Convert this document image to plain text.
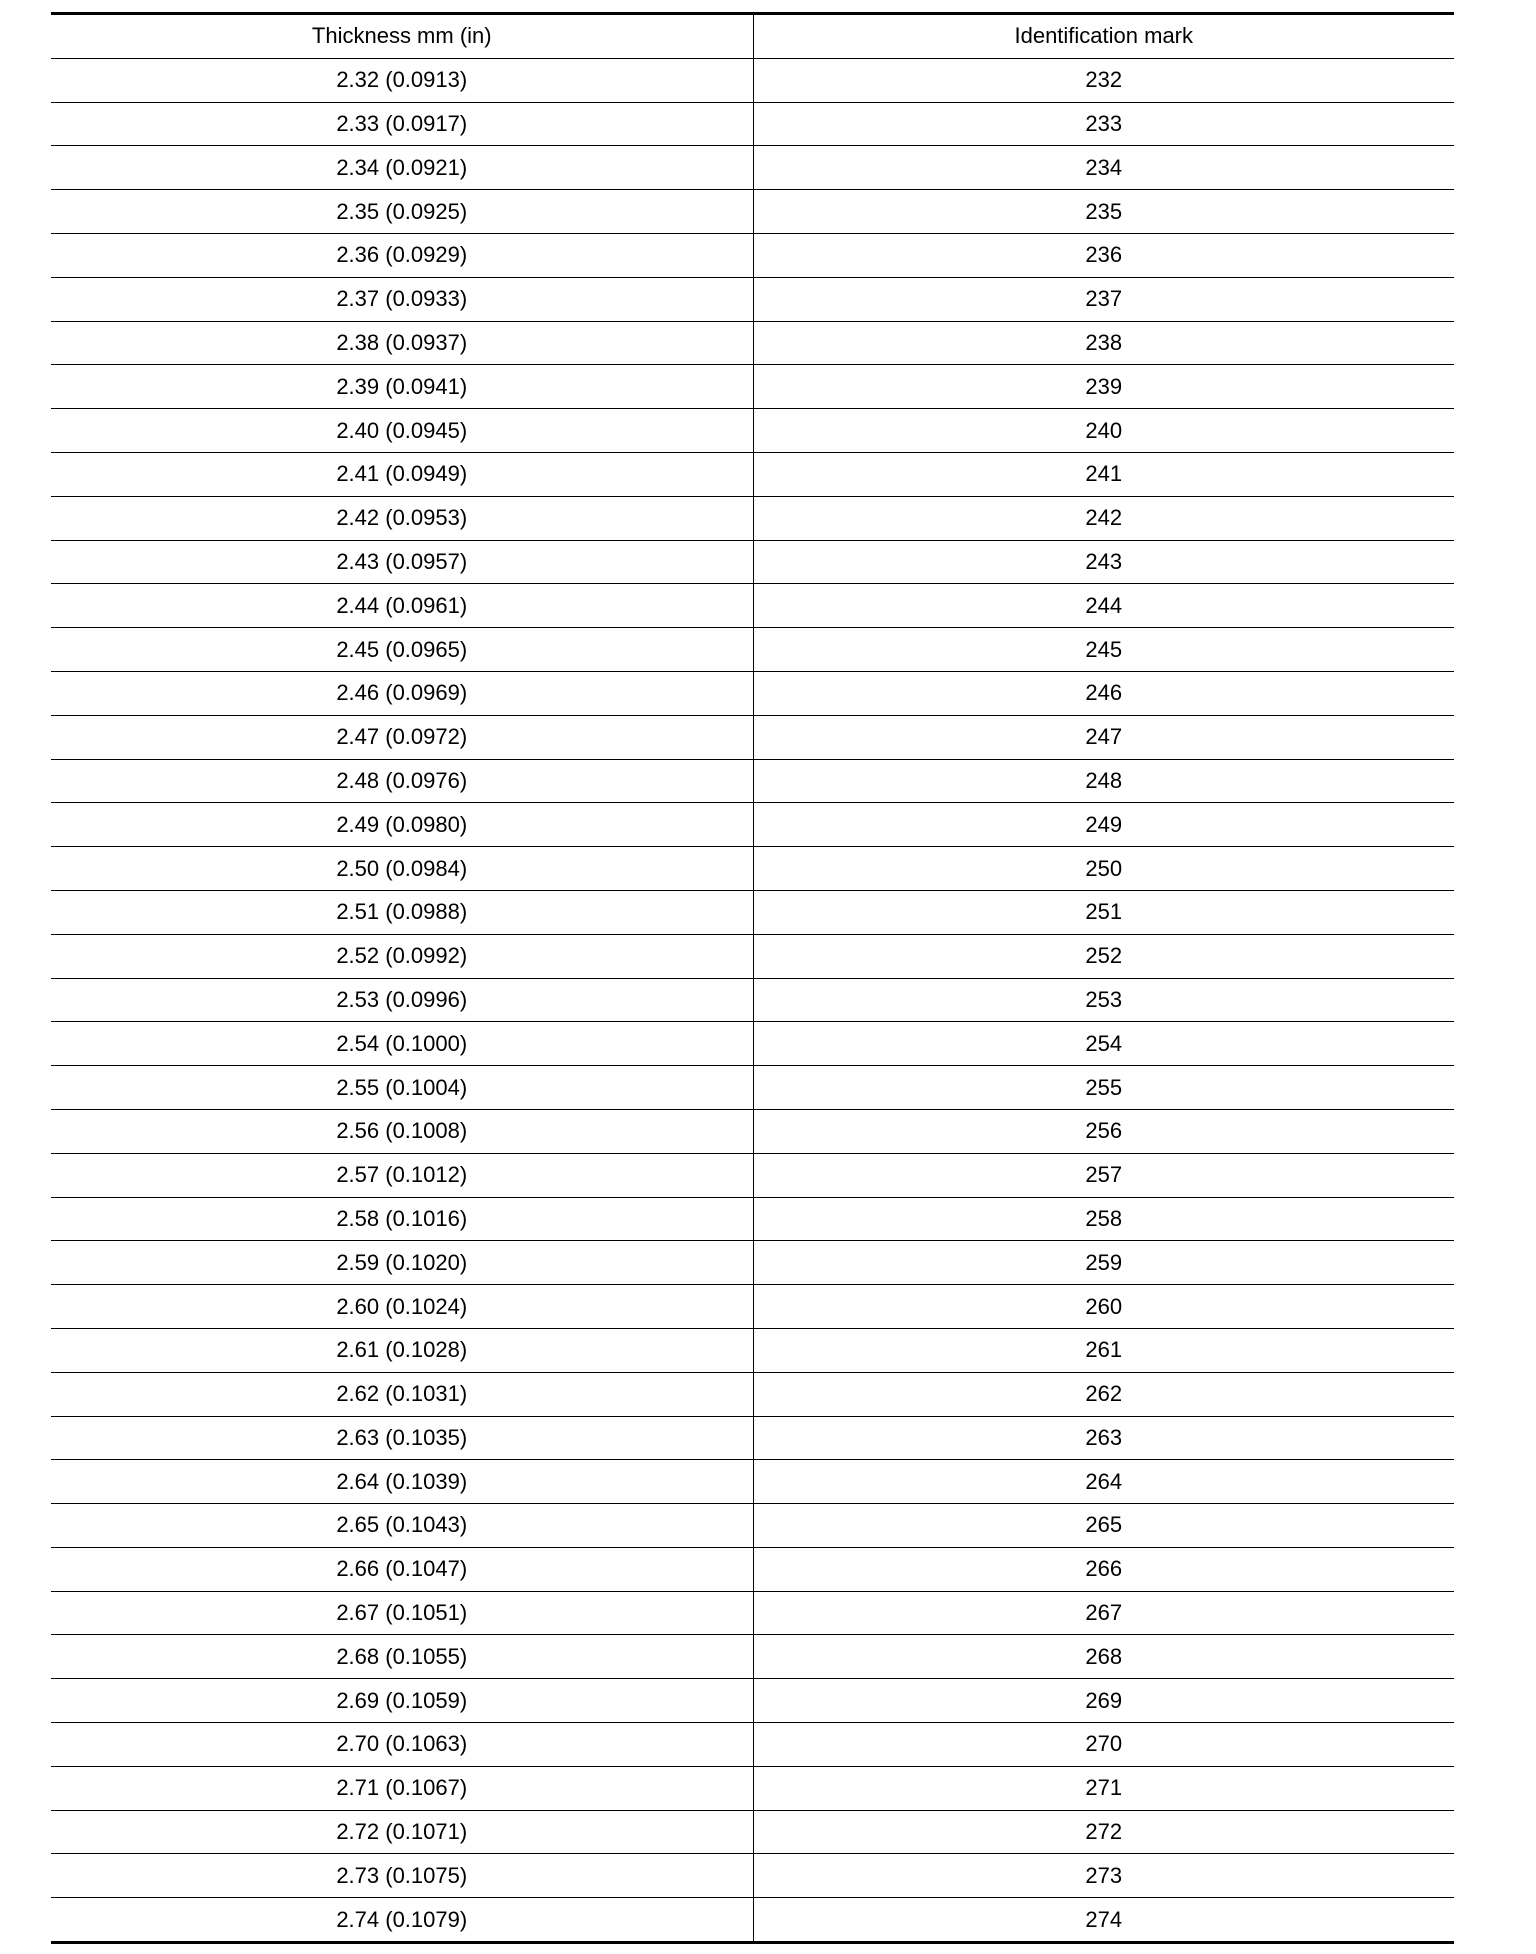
Thickness mm (in)	Identification mark
2.32 (0.0913)	232
2.33 (0.0917)	233
2.34 (0.0921)	234
2.35 (0.0925)	235
2.36 (0.0929)	236
2.37 (0.0933)	237
2.38 (0.0937)	238
2.39 (0.0941)	239
2.40 (0.0945)	240
2.41 (0.0949)	241
2.42 (0.0953)	242
2.43 (0.0957)	243
2.44 (0.0961)	244
2.45 (0.0965)	245
2.46 (0.0969)	246
2.47 (0.0972)	247
2.48 (0.0976)	248
2.49 (0.0980)	249
2.50 (0.0984)	250
2.51 (0.0988)	251
2.52 (0.0992)	252
2.53 (0.0996)	253
2.54 (0.1000)	254
2.55 (0.1004)	255
2.56 (0.1008)	256
2.57 (0.1012)	257
2.58 (0.1016)	258
2.59 (0.1020)	259
2.60 (0.1024)	260
2.61 (0.1028)	261
2.62 (0.1031)	262
2.63 (0.1035)	263
2.64 (0.1039)	264
2.65 (0.1043)	265
2.66 (0.1047)	266
2.67 (0.1051)	267
2.68 (0.1055)	268
2.69 (0.1059)	269
2.70 (0.1063)	270
2.71 (0.1067)	271
2.72 (0.1071)	272
2.73 (0.1075)	273
2.74 (0.1079)	274
